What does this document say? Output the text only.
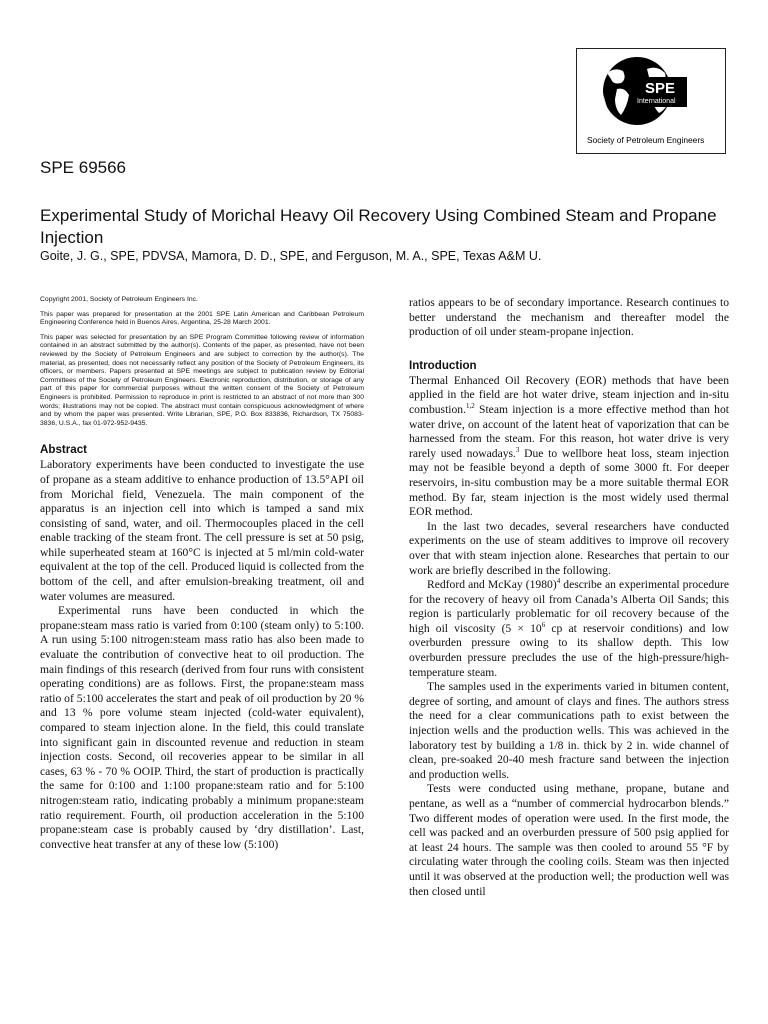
SPE
International
Society of Petroleum Engineers
SPE 69566
Experimental Study of Morichal Heavy Oil Recovery Using Combined Steam and Propane Injection
Goite, J. G., SPE, PDVSA, Mamora, D. D., SPE, and Ferguson, M. A., SPE, Texas A&M U.

Copyright 2001, Society of Petroleum Engineers Inc.

This paper was prepared for presentation at the 2001 SPE Latin American and Caribbean Petroleum Engineering Conference held in Buenos Aires, Argentina, 25-28 March 2001.

This paper was selected for presentation by an SPE Program Committee following review of information contained in an abstract submitted by the author(s). Contents of the paper, as presented, have not been reviewed by the Society of Petroleum Engineers and are subject to correction by the author(s). The material, as presented, does not necessarily reflect any position of the Society of Petroleum Engineers, its officers, or members. Papers presented at SPE meetings are subject to publication review by Editorial Committees of the Society of Petroleum Engineers. Electronic reproduction, distribution, or storage of any part of this paper for commercial purposes without the written consent of the Society of Petroleum Engineers is prohibited. Permission to reproduce in print is restricted to an abstract of not more than 300 words; illustrations may not be copied. The abstract must contain conspicuous acknowledgment of where and by whom the paper was presented. Write Librarian, SPE, P.O. Box 833836, Richardson, TX 75083-3836, U.S.A., fax 01-972-952-9435.

Abstract

Laboratory experiments have been conducted to investigate the use of propane as a steam additive to enhance production of 13.5°API oil from Morichal field, Venezuela. The main component of the apparatus is an injection cell into which is tamped a sand mix consisting of sand, water, and oil. Thermocouples placed in the cell enable tracking of the steam front. The cell pressure is set at 50 psig, while superheated steam at 160°C is injected at 5 ml/min cold-water equivalent at the top of the cell. Produced liquid is collected from the bottom of the cell, and after emulsion-breaking treatment, oil and water volumes are measured.

Experimental runs have been conducted in which the propane:steam mass ratio is varied from 0:100 (steam only) to 5:100. A run using 5:100 nitrogen:steam mass ratio has also been made to evaluate the contribution of convective heat to oil production. The main findings of this research (derived from four runs with consistent operating conditions) are as follows. First, the propane:steam mass ratio of 5:100 accelerates the start and peak of oil production by 20 % and 13 % pore volume steam injected (cold-water equivalent), compared to steam injection alone. In the field, this could translate into significant gain in discounted revenue and reduction in steam injection costs. Second, oil recoveries appear to be similar in all cases, 63 % - 70 % OOIP. Third, the start of production is practically the same for 0:100 and 1:100 propane:steam ratio and for 5:100 nitrogen:steam ratio, indicating probably a minimum propane:steam ratio requirement. Fourth, oil production acceleration in the 5:100 propane:steam case is probably caused by ‘dry distillation’. Last, convective heat transfer at any of these low (5:100)

ratios appears to be of secondary importance. Research continues to better understand the mechanism and thereafter model the production of oil under steam-propane injection.

Introduction

Thermal Enhanced Oil Recovery (EOR) methods that have been applied in the field are hot water drive, steam injection and in-situ combustion.$^{1,2}$ Steam injection is a more effective method than hot water drive, on account of the latent heat of vaporization that can be harnessed from the steam. For this reason, hot water drive is very rarely used nowadays.$^3$ Due to wellbore heat loss, steam injection may not be feasible beyond a depth of some 3000 ft. For deeper reservoirs, in-situ combustion may be a more suitable thermal EOR method. By far, steam injection is the most widely used thermal EOR method.

In the last two decades, several researchers have conducted experiments on the use of steam additives to improve oil recovery over that with steam injection alone. Researches that pertain to our work are briefly described in the following.

Redford and McKay $(1980)^4$ describe an experimental procedure for the recovery of heavy oil from Canada’s Alberta Oil Sands; this region is particularly problematic for oil recovery because of the high oil viscosity ($5 \times 10^6$ cp at reservoir conditions) and low overburden pressure owing to its shallow depth. This low overburden pressure precludes the use of the high-pressure/high-temperature steam.

The samples used in the experiments varied in bitumen content, degree of sorting, and amount of clays and fines. The authors stress the need for a clear communications path to exist between the injection wells and the production wells. This was achieved in the laboratory test by building a 1/8 in. thick by 2 in. wide channel of clean, pre-soaked 20-40 mesh fracture sand between the injection and production wells.

Tests were conducted using methane, propane, butane and pentane, as well as a “number of commercial hydrocarbon blends.” Two different modes of operation were used. In the first mode, the cell was packed and an overburden pressure of 500 psig applied for at least 24 hours. The sample was then cooled to around 55 °F by circulating water through the cooling coils. Steam was then injected until it was observed at the production well; the production well was then closed until
